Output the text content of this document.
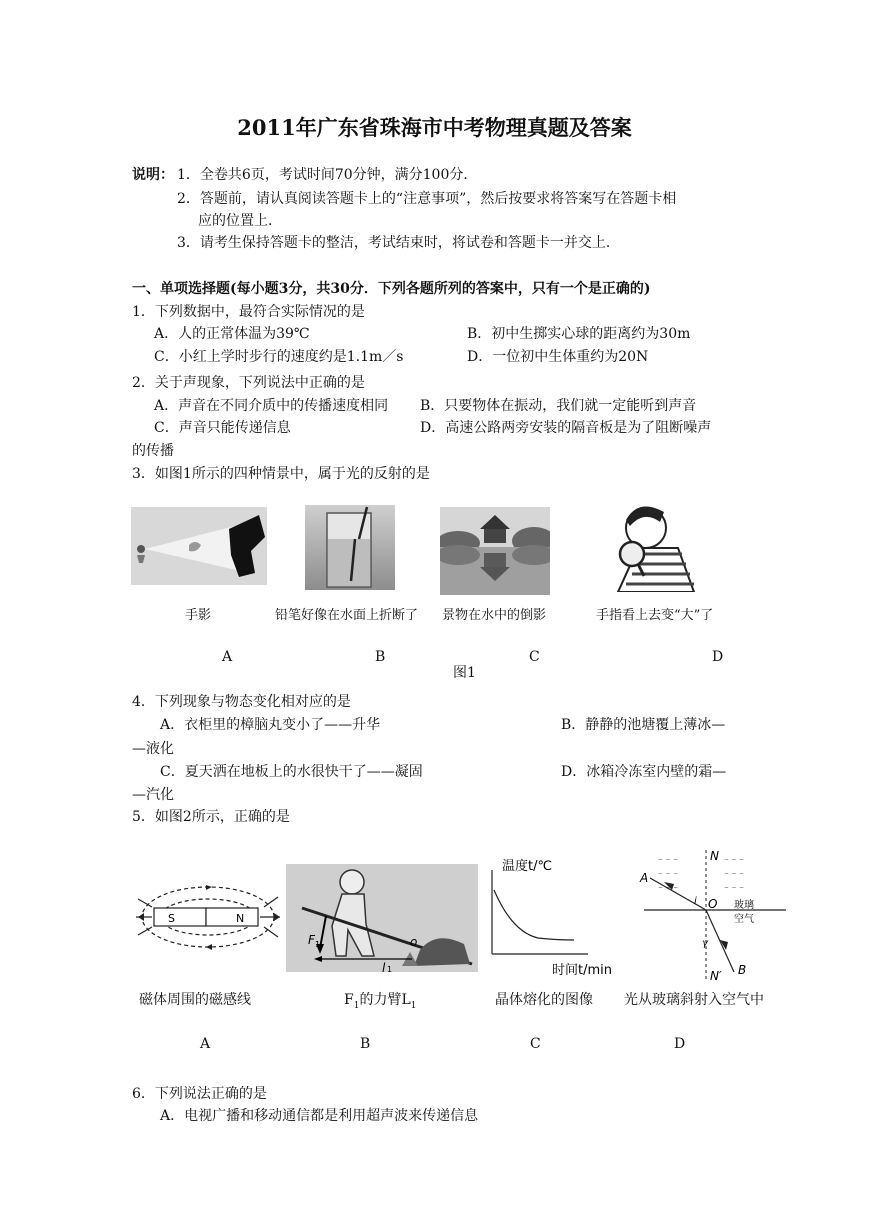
2011年广东省珠海市中考物理真题及答案
说明： 1．全卷共6页，考试时间70分钟，满分100分．
2．答题前，请认真阅读答题卡上的“注意事项”，然后按要求将答案写在答题卡相
应的位置上．
3．请考生保持答题卡的整洁，考试结束时，将试卷和答题卡一并交上．
一、单项选择题(每小题3分，共30分．下列各题所列的答案中，只有一个是正确的)
1．下列数据中，最符合实际情况的是
A．人的正常体温为39℃	B．初中生掷实心球的距离约为30m
C．小红上学时步行的速度约是1.1m／s	D．一位初中生体重约为20N
2．关于声现象，下列说法中正确的是
A．声音在不同介质中的传播速度相同 B．只要物体在振动，我们就一定能听到声音
C．声音只能传递信息	D．高速公路两旁安装的隔音板是为了阻断噪声
的传播
3．如图1所示的四种情景中，属于光的反射的是
手影	铅笔好像在水面上折断了 景物在水中的倒影	手指看上去变“大”了
A	B	C	D
图1
4．下列现象与物态变化相对应的是
A．衣柜里的樟脑丸变小了——升华	B．静静的池塘覆上薄冰—
—液化
C．夏天洒在地板上的水很快干了——凝固	D．冰箱冷冻室内壁的霜—
—汽化
5．如图2所示，正确的是
S	N
磁体周围的磁感线
F 1
l 1
o
$F_1$的力臂$L_1$
温度t/℃
时间t/min
晶体熔化的图像
⁻ ⁻ ⁻	⁻ ⁻ ⁻
⁻ ⁻ ⁻	⁻ ⁻ ⁻
⁻ ⁻ ⁻	⁻ ⁻ ⁻
N
N′
A
B
O
i
γ
玻璃
空气
光从玻璃斜射入空气中
A	B	C	D
6．下列说法正确的是
A．电视广播和移动通信都是利用超声波来传递信息
